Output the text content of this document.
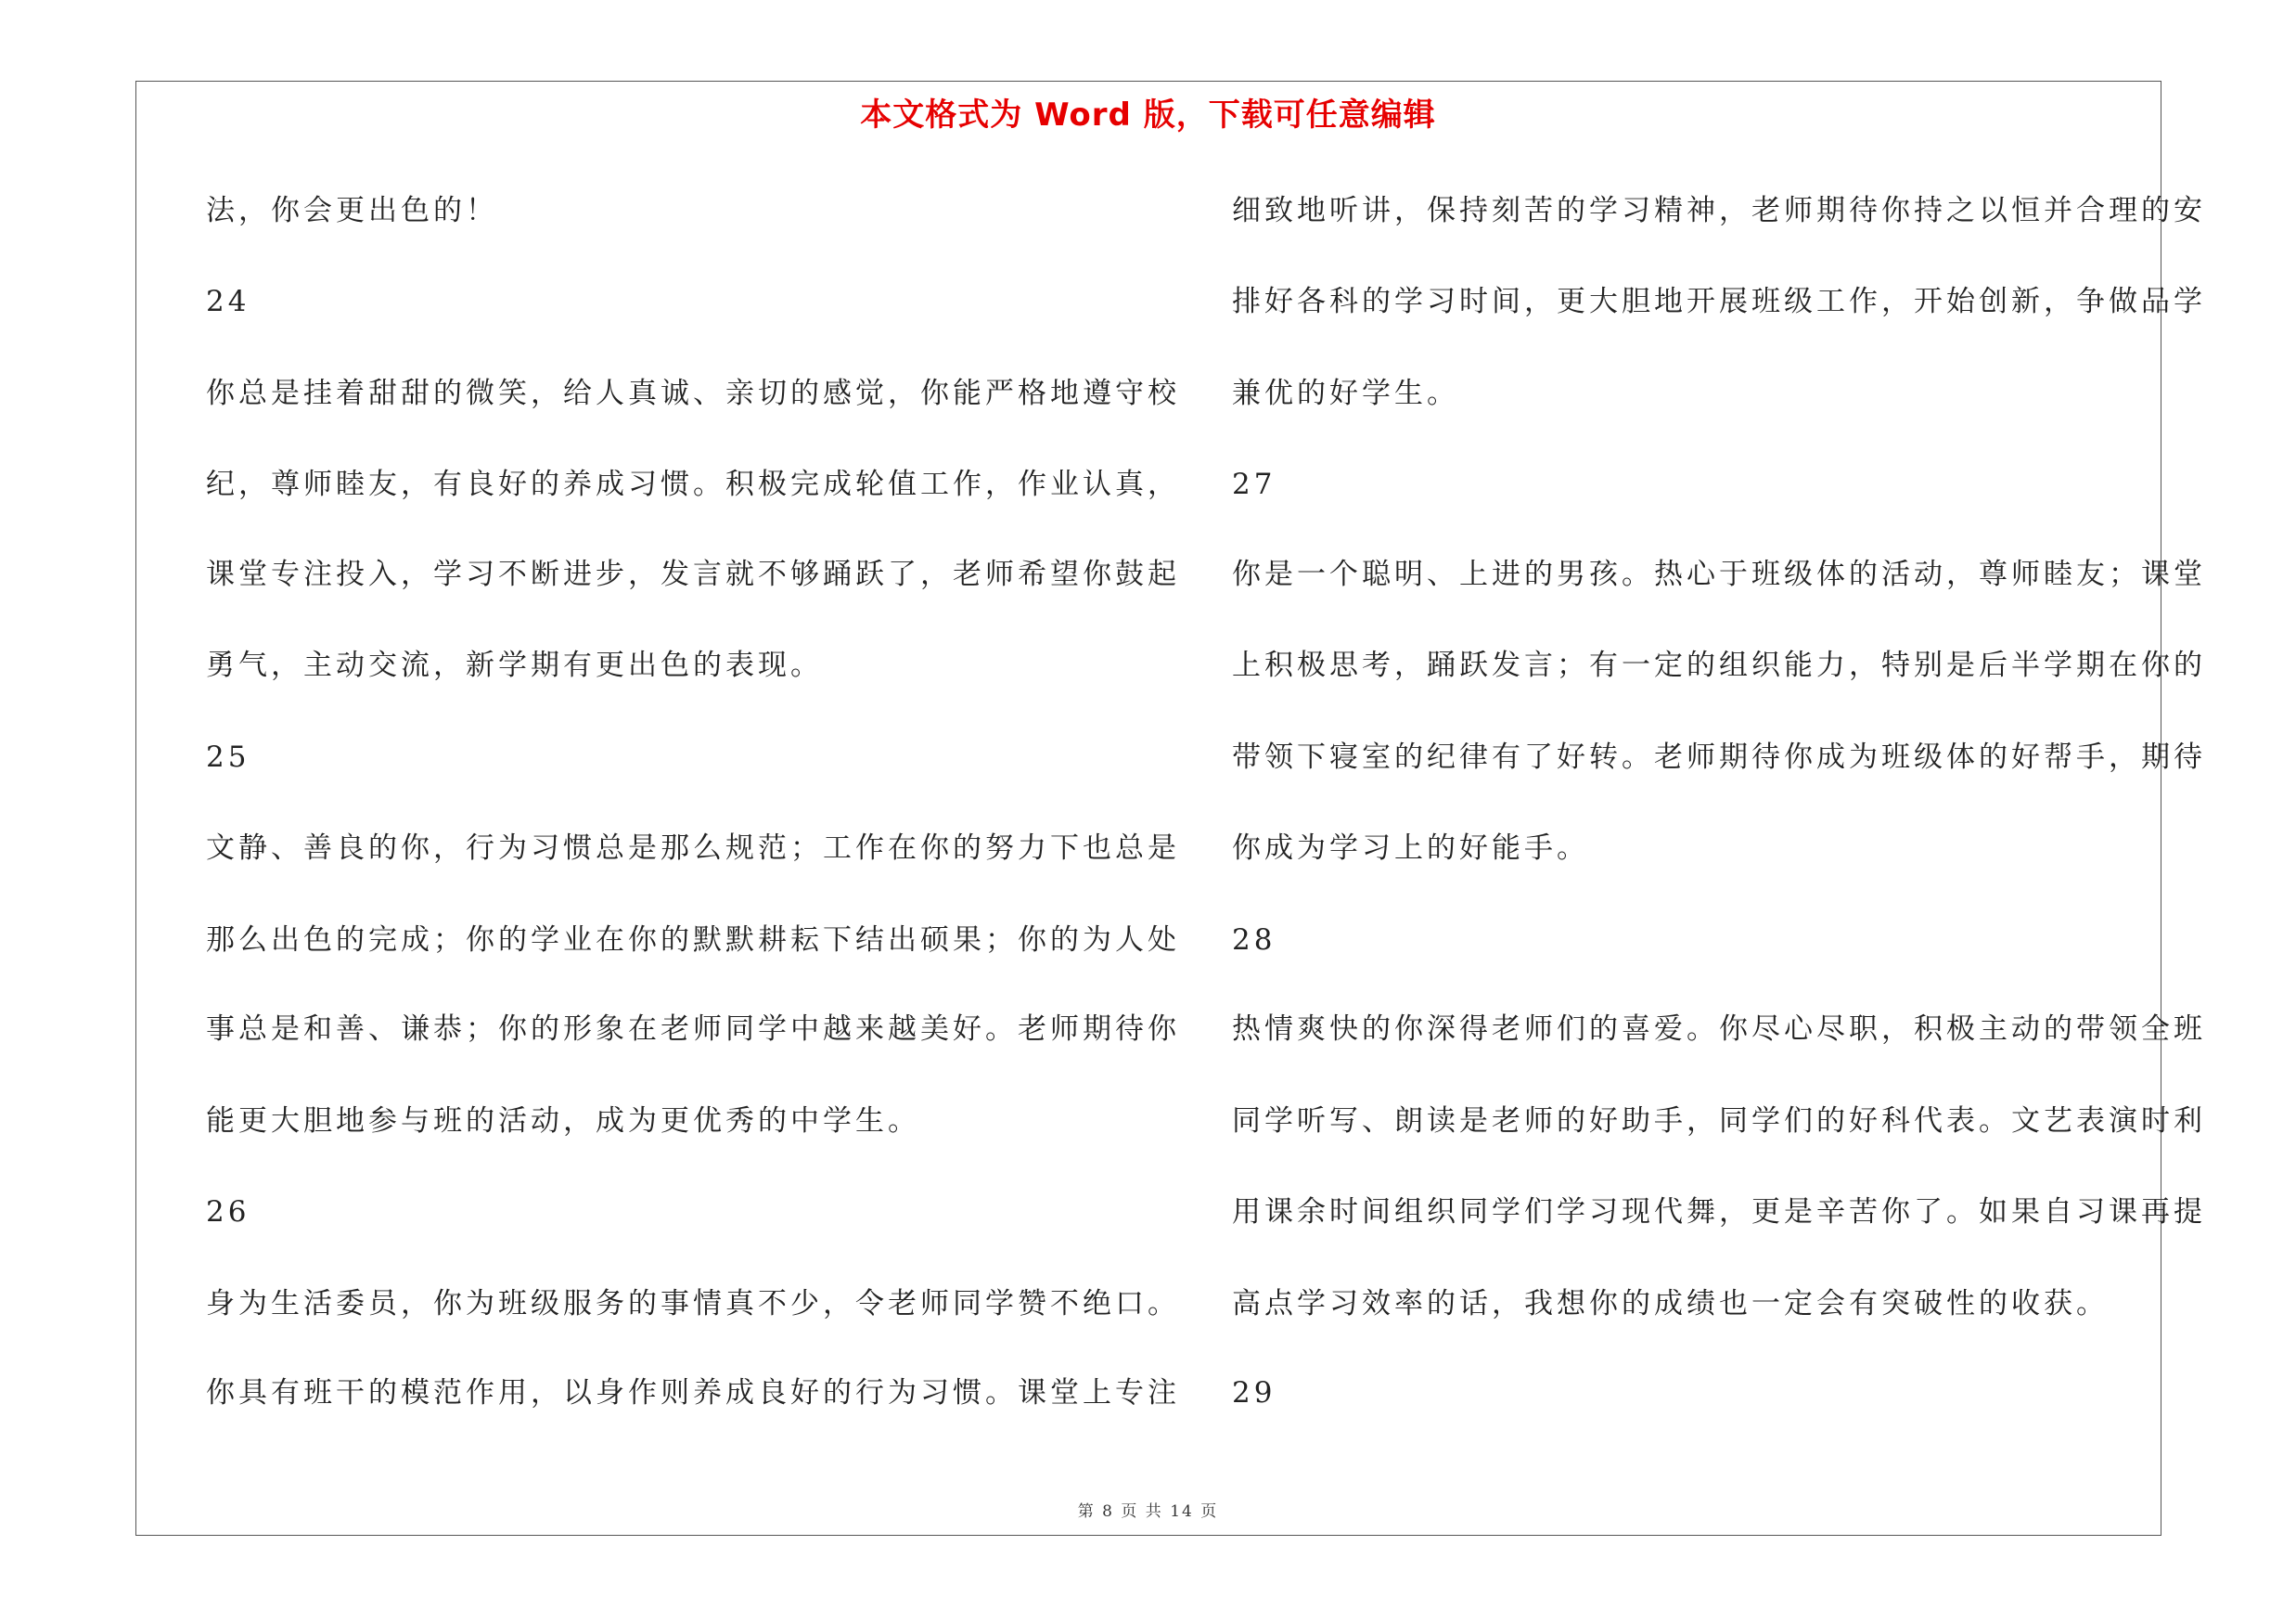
本文格式为 Word 版，下载可任意编辑
法，你会更出色的！
24
你总是挂着甜甜的微笑，给人真诚、亲切的感觉，你能严格地遵守校
纪，尊师睦友，有良好的养成习惯。积极完成轮值工作，作业认真，
课堂专注投入，学习不断进步，发言就不够踊跃了，老师希望你鼓起
勇气，主动交流，新学期有更出色的表现。
25
文静、善良的你，行为习惯总是那么规范；工作在你的努力下也总是
那么出色的完成；你的学业在你的默默耕耘下结出硕果；你的为人处
事总是和善、谦恭；你的形象在老师同学中越来越美好。老师期待你
能更大胆地参与班的活动，成为更优秀的中学生。
26
身为生活委员，你为班级服务的事情真不少，令老师同学赞不绝口。
你具有班干的模范作用，以身作则养成良好的行为习惯。课堂上专注
细致地听讲，保持刻苦的学习精神，老师期待你持之以恒并合理的安
排好各科的学习时间，更大胆地开展班级工作，开始创新，争做品学
兼优的好学生。
27
你是一个聪明、上进的男孩。热心于班级体的活动，尊师睦友；课堂
上积极思考，踊跃发言；有一定的组织能力，特别是后半学期在你的
带领下寝室的纪律有了好转。老师期待你成为班级体的好帮手，期待
你成为学习上的好能手。
28
热情爽快的你深得老师们的喜爱。你尽心尽职，积极主动的带领全班
同学听写、朗读是老师的好助手，同学们的好科代表。文艺表演时利
用课余时间组织同学们学习现代舞，更是辛苦你了。如果自习课再提
高点学习效率的话，我想你的成绩也一定会有突破性的收获。
29
第 8 页 共 14 页
